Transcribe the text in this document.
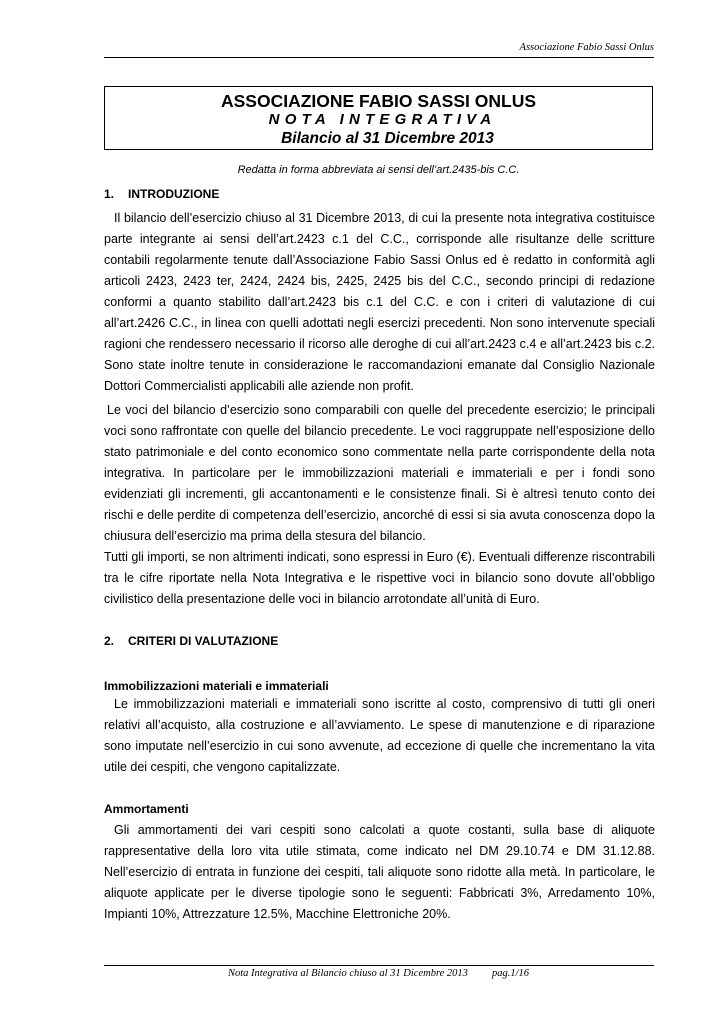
Associazione Fabio Sassi Onlus
ASSOCIAZIONE FABIO SASSI ONLUS
NOTA INTEGRATIVA
Bilancio al 31 Dicembre 2013
Redatta in forma abbreviata ai sensi dell’art.2435-bis C.C.
1. INTRODUZIONE

Il bilancio dell’esercizio chiuso al 31 Dicembre 2013, di cui la presente nota integrativa costituisce parte integrante ai sensi dell’art.2423 c.1 del C.C., corrisponde alle risultanze delle scritture contabili regolarmente tenute dall’Associazione Fabio Sassi Onlus ed è redatto in conformità agli articoli 2423, 2423 ter, 2424, 2424 bis, 2425, 2425 bis del C.C., secondo principi di redazione conformi a quanto stabilito dall’art.2423 bis c.1 del C.C. e con i criteri di valutazione di cui all’art.2426 C.C., in linea con quelli adottati negli esercizi precedenti. Non sono intervenute speciali ragioni che rendessero necessario il ricorso alle deroghe di cui all’art.2423 c.4 e all’art.2423 bis c.2. Sono state inoltre tenute in considerazione le raccomandazioni emanate dal Consiglio Nazionale Dottori Commercialisti applicabili alle aziende non profit.

Le voci del bilancio d’esercizio sono comparabili con quelle del precedente esercizio; le principali voci sono raffrontate con quelle del bilancio precedente. Le voci raggruppate nell’esposizione dello stato patrimoniale e del conto economico sono commentate nella parte corrispondente della nota integrativa. In particolare per le immobilizzazioni materiali e immateriali e per i fondi sono evidenziati gli incrementi, gli accantonamenti e le consistenze finali. Si è altresì tenuto conto dei rischi e delle perdite di competenza dell’esercizio, ancorché di essi si sia avuta conoscenza dopo la chiusura dell’esercizio ma prima della stesura del bilancio.

Tutti gli importi, se non altrimenti indicati, sono espressi in Euro (€). Eventuali differenze riscontrabili tra le cifre riportate nella Nota Integrativa e le rispettive voci in bilancio sono dovute all’obbligo civilistico della presentazione delle voci in bilancio arrotondate all’unità di Euro.

2. CRITERI DI VALUTAZIONE
Immobilizzazioni materiali e immateriali

Le immobilizzazioni materiali e immateriali sono iscritte al costo, comprensivo di tutti gli oneri relativi all’acquisto, alla costruzione e all’avviamento. Le spese di manutenzione e di riparazione sono imputate nell’esercizio in cui sono avvenute, ad eccezione di quelle che incrementano la vita utile dei cespiti, che vengono capitalizzate.

Ammortamenti

Gli ammortamenti dei vari cespiti sono calcolati a quote costanti, sulla base di aliquote rappresentative della loro vita utile stimata, come indicato nel DM 29.10.74 e DM 31.12.88. Nell’esercizio di entrata in funzione dei cespiti, tali aliquote sono ridotte alla metà. In particolare, le aliquote applicate per le diverse tipologie sono le seguenti: Fabbricati 3%, Arredamento 10%, Impianti 10%, Attrezzature 12.5%, Macchine Elettroniche 20%.

Nota Integrativa al Bilancio chiuso al 31 Dicembre 2013 pag.1/16
